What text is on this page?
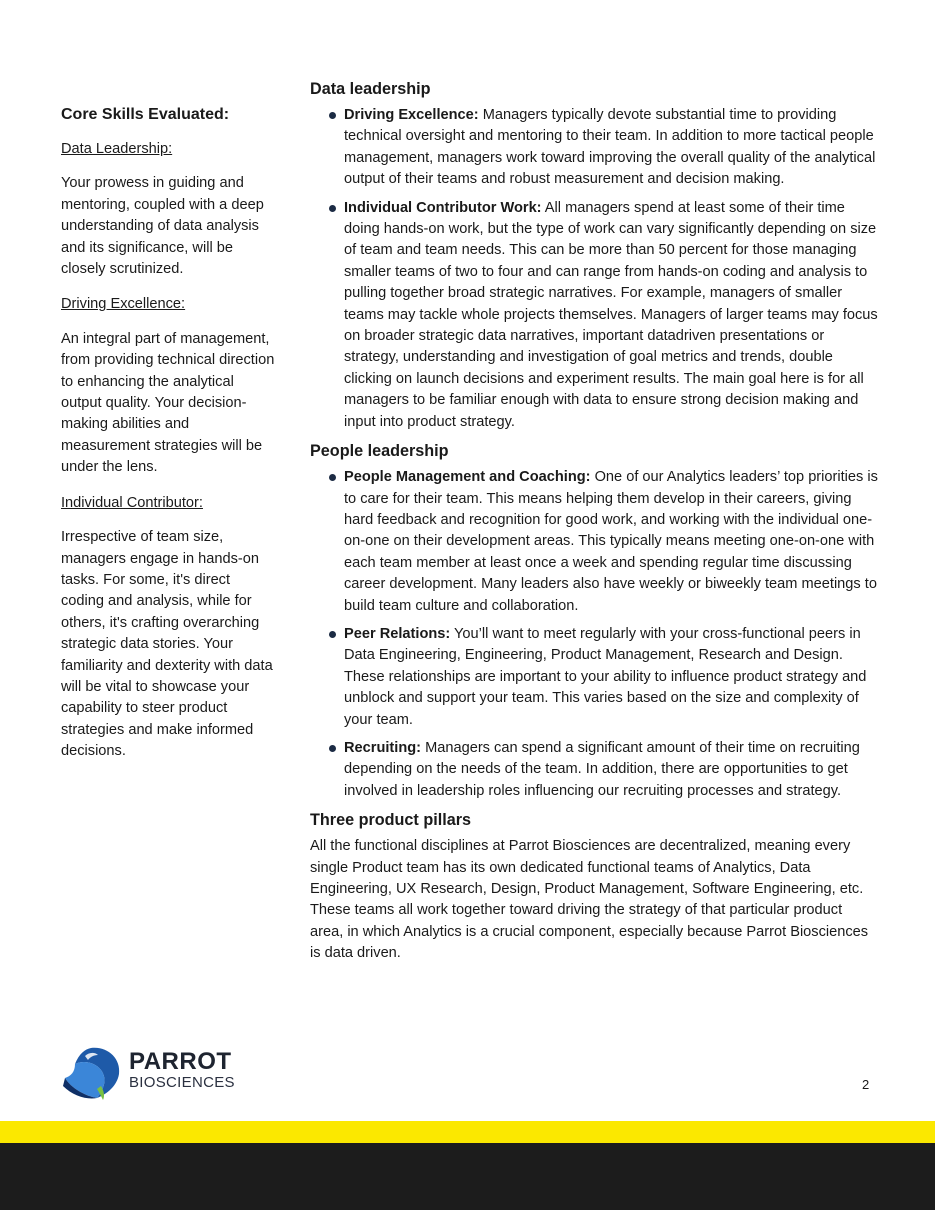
Core Skills Evaluated:
Data Leadership:
Your prowess in guiding and mentoring, coupled with a deep understanding of data analysis and its significance, will be closely scrutinized.
Driving Excellence:
An integral part of management, from providing technical direction to enhancing the analytical output quality. Your decision-making abilities and measurement strategies will be under the lens.
Individual Contributor:
Irrespective of team size, managers engage in hands-on tasks. For some, it's direct coding and analysis, while for others, it's crafting overarching strategic data stories. Your familiarity and dexterity with data will be vital to showcase your capability to steer product strategies and make informed decisions.
Data leadership
Driving Excellence: Managers typically devote substantial time to providing technical oversight and mentoring to their team. In addition to more tactical people management, managers work toward improving the overall quality of the analytical output of their teams and robust measurement and decision making.
Individual Contributor Work: All managers spend at least some of their time doing hands-on work, but the type of work can vary significantly depending on size of team and team needs. This can be more than 50 percent for those managing smaller teams of two to four and can range from hands-on coding and analysis to pulling together broad strategic narratives. For example, managers of smaller teams may tackle whole projects themselves. Managers of larger teams may focus on broader strategic data narratives, important datadriven presentations or strategy, understanding and investigation of goal metrics and trends, double clicking on launch decisions and experiment results. The main goal here is for all managers to be familiar enough with data to ensure strong decision making and input into product strategy.
People leadership
People Management and Coaching: One of our Analytics leaders’ top priorities is to care for their team. This means helping them develop in their careers, giving hard feedback and recognition for good work, and working with the individual one-on-one on their development areas. This typically means meeting one-on-one with each team member at least once a week and spending regular time discussing career development. Many leaders also have weekly or biweekly team meetings to build team culture and collaboration.
Peer Relations: You’ll want to meet regularly with your cross-functional peers in Data Engineering, Engineering, Product Management, Research and Design. These relationships are important to your ability to influence product strategy and unblock and support your team. This varies based on the size and complexity of your team.
Recruiting: Managers can spend a significant amount of their time on recruiting depending on the needs of the team. In addition, there are opportunities to get involved in leadership roles influencing our recruiting processes and strategy.
Three product pillars

All the functional disciplines at Parrot Biosciences are decentralized, meaning every single Product team has its own dedicated functional teams of Analytics, Data Engineering, UX Research, Design, Product Management, Software Engineering, etc. These teams all work together toward driving the strategy of that particular product area, in which Analytics is a crucial component, especially because Parrot Biosciences is data driven.

PARROT
BIOSCIENCES	2
